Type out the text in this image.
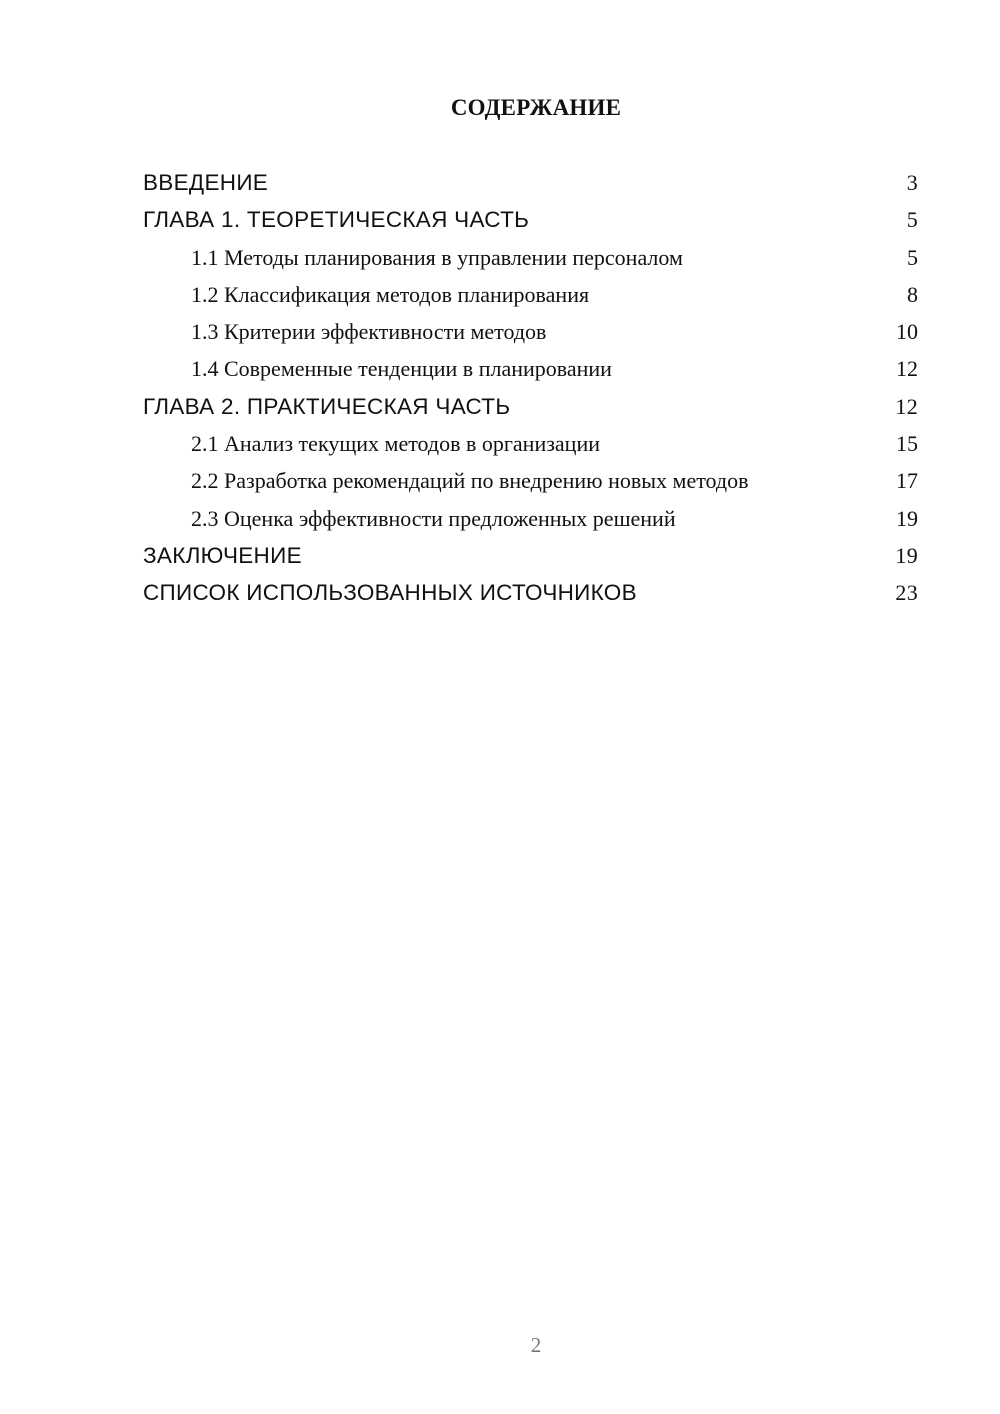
СОДЕРЖАНИЕ
ВВЕДЕНИЕ	3
ГЛАВА 1. ТЕОРЕТИЧЕСКАЯ ЧАСТЬ	5
1.1 Методы планирования в управлении персоналом	5
1.2 Классификация методов планирования	8
1.3 Критерии эффективности методов	10
1.4 Современные тенденции в планировании	12
ГЛАВА 2. ПРАКТИЧЕСКАЯ ЧАСТЬ	12
2.1 Анализ текущих методов в организации	15
2.2 Разработка рекомендаций по внедрению новых методов	17
2.3 Оценка эффективности предложенных решений	19
ЗАКЛЮЧЕНИЕ	19
СПИСОК ИСПОЛЬЗОВАННЫХ ИСТОЧНИКОВ	23
2
